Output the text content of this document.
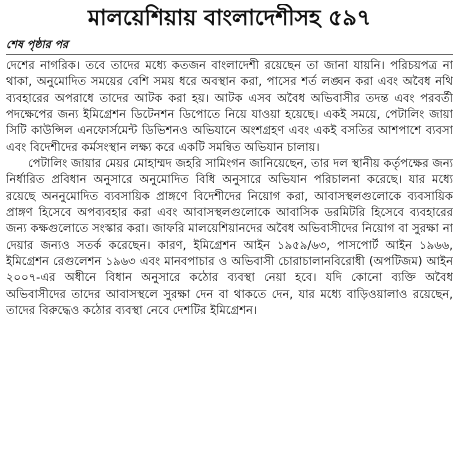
মালয়েশিয়ায় বাংলাদেশীসহ ৫৯৭
শেষ পৃষ্ঠার পর

দেশের নাগরিক। তবে তাদের মধ্যে কতজন বাংলাদেশী রয়েছেন তা জানা যায়নি। পরিচয়পত্র না থাকা, অনুমোদিত সময়ের বেশি সময় ধরে অবস্থান করা, পাসের শর্ত লঙ্ঘন করা এবং অবৈধ নথি ব্যবহারের অপরাধে তাদের আটক করা হয়। আটক এসব অবৈধ অভিবাসীর তদন্ত এবং পরবর্তী পদক্ষেপের জন্য ইমিগ্রেশন ডিটেনশন ডিপোতে নিয়ে যাওয়া হয়েছে। একই সময়ে, পেটালিং জায়া সিটি কাউন্সিল এনফোর্সমেন্ট ডিভিশনও অভিযানে অংশগ্রহণ এবং একই বসতির আশপাশে ব্যবসা এবং বিদেশীদের কর্মসংস্থান লক্ষ্য করে একটি সমন্বিত অভিযান চালায়।

পেটালিং জায়ার মেয়র মোহাম্মদ জহরি সামিংগন জানিয়েছেন, তার দল স্থানীয় কর্তৃপক্ষের জন্য নির্ধারিত প্রবিধান অনুসারে অনুমোদিত বিধি অনুসারে অভিযান পরিচালনা করেছে। যার মধ্যে রয়েছে অননুমোদিত ব্যবসায়িক প্রাঙ্গণে বিদেশীদের নিয়োগ করা, আবাসস্থলগুলোকে ব্যবসায়িক প্রাঙ্গণ হিসেবে অপব্যবহার করা এবং আবাসস্থলগুলোকে আবাসিক ডরমিটরি হিসেবে ব্যবহারের জন্য কক্ষগুলোতে সংস্কার করা। জাফরি মালয়েশিয়ানদের অবৈধ অভিবাসীদের নিয়োগ বা সুরক্ষা না দেয়ার জন্যও সতর্ক করেছেন। কারণ, ইমিগ্রেশন আইন ১৯৫৯/৬৩, পাসপোর্ট আইন ১৯৬৬, ইমিগ্রেশন রেগুলেশন ১৯৬৩ এবং মানবপাচার ও অভিবাসী চোরাচালানবিরোধী (অপটিজম) আইন ২০০৭-এর অধীনে বিধান অনুসারে কঠোর ব্যবস্থা নেয়া হবে। যদি কোনো ব্যক্তি অবৈধ অভিবাসীদের তাদের আবাসস্থলে সুরক্ষা দেন বা থাকতে দেন, যার মধ্যে বাড়িওয়ালাও রয়েছেন, তাদের বিরুদ্ধেও কঠোর ব্যবস্থা নেবে দেশটির ইমিগ্রেশন।
